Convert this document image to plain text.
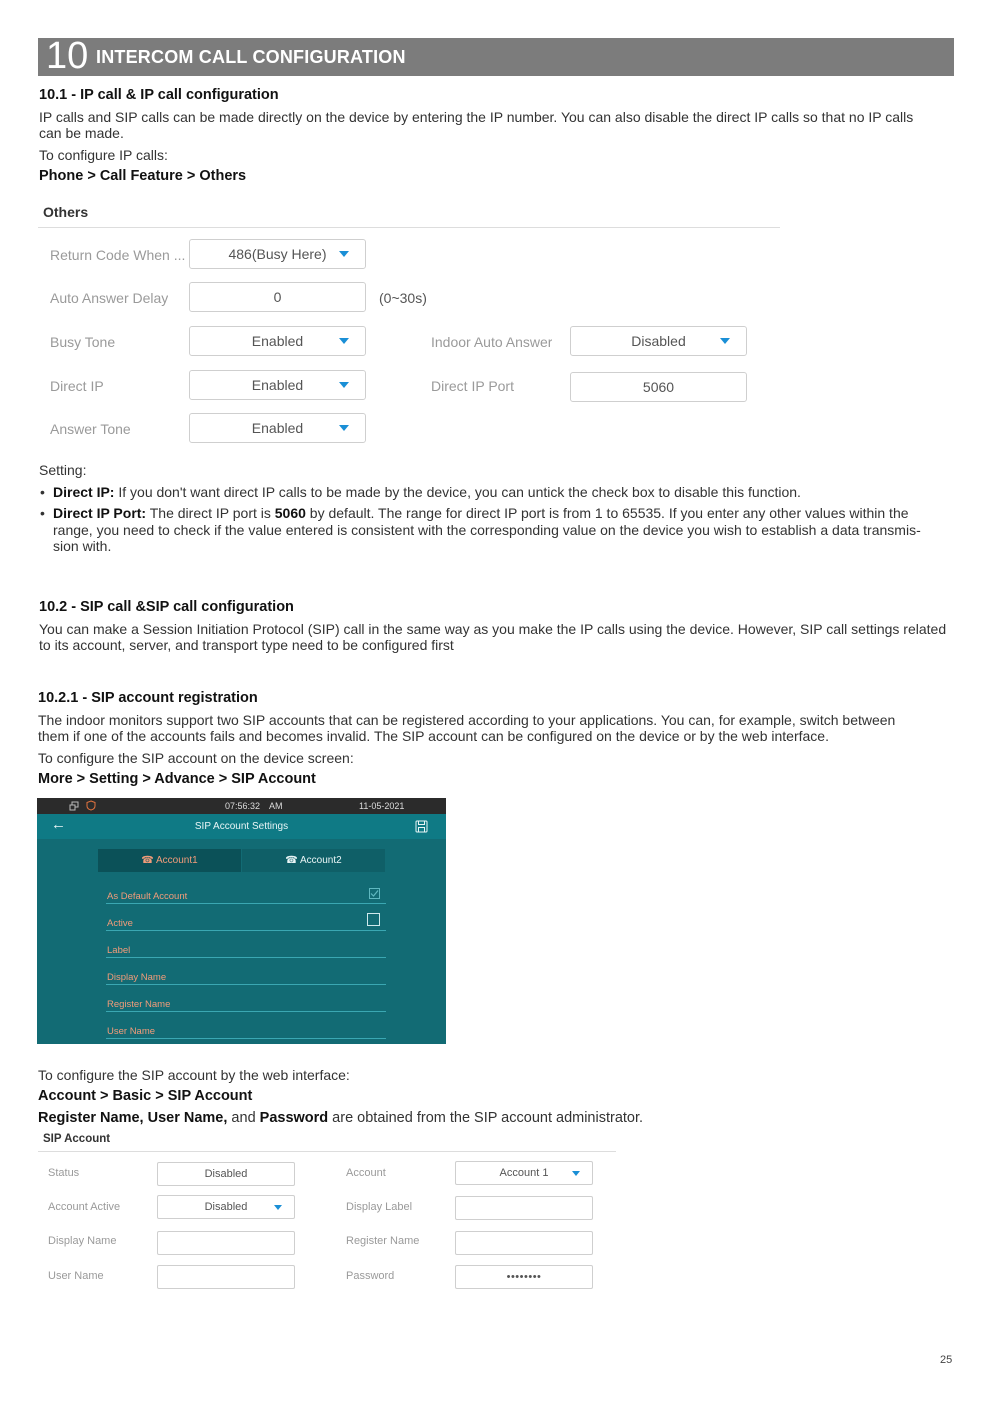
10 INTERCOM CALL CONFIGURATION
10.1 - IP call & IP call configuration
IP calls and SIP calls can be made directly on the device by entering the IP number. You can also disable the direct IP calls so that no IP calls
can be made.
To configure IP calls:
Phone > Call Feature > Others
Others
Return Code When ...	486(Busy Here)
Auto Answer Delay	0	(0~30s)
Busy Tone	Enabled	Indoor Auto Answer	Disabled
Direct IP	Enabled	Direct IP Port	5060
Answer Tone	Enabled
Setting:
• Direct IP: If you don't want direct IP calls to be made by the device, you can untick the check box to disable this function.
• Direct IP Port: The direct IP port is 5060 by default. The range for direct IP port is from 1 to 65535. If you enter any other values within the
range, you need to check if the value entered is consistent with the corresponding value on the device you wish to establish a data transmis-
sion with.
10.2 - SIP call &SIP call configuration
You can make a Session Initiation Protocol (SIP) call in the same way as you make the IP calls using the device. However, SIP call settings related
to its account, server, and transport type need to be configured first
10.2.1 - SIP account registration
The indoor monitors support two SIP accounts that can be registered according to your applications. You can, for example, switch between
them if one of the accounts fails and becomes invalid. The SIP account can be configured on the device or by the web interface.
To configure the SIP account on the device screen:
More > Setting > Advance > SIP Account
07:56:32 AM	11-05-2021
←	SIP Account Settings
☎ Account1	☎ Account2
As Default Account
Active
Label
Display Name
Register Name
User Name
To configure the SIP account by the web interface:
Account > Basic > SIP Account
Register Name, User Name, and Password are obtained from the SIP account administrator.
SIP Account
Status	Disabled	Account	Account 1
Account Active	Disabled	Display Label
Display Name	Register Name
User Name	Password	••••••••
25
